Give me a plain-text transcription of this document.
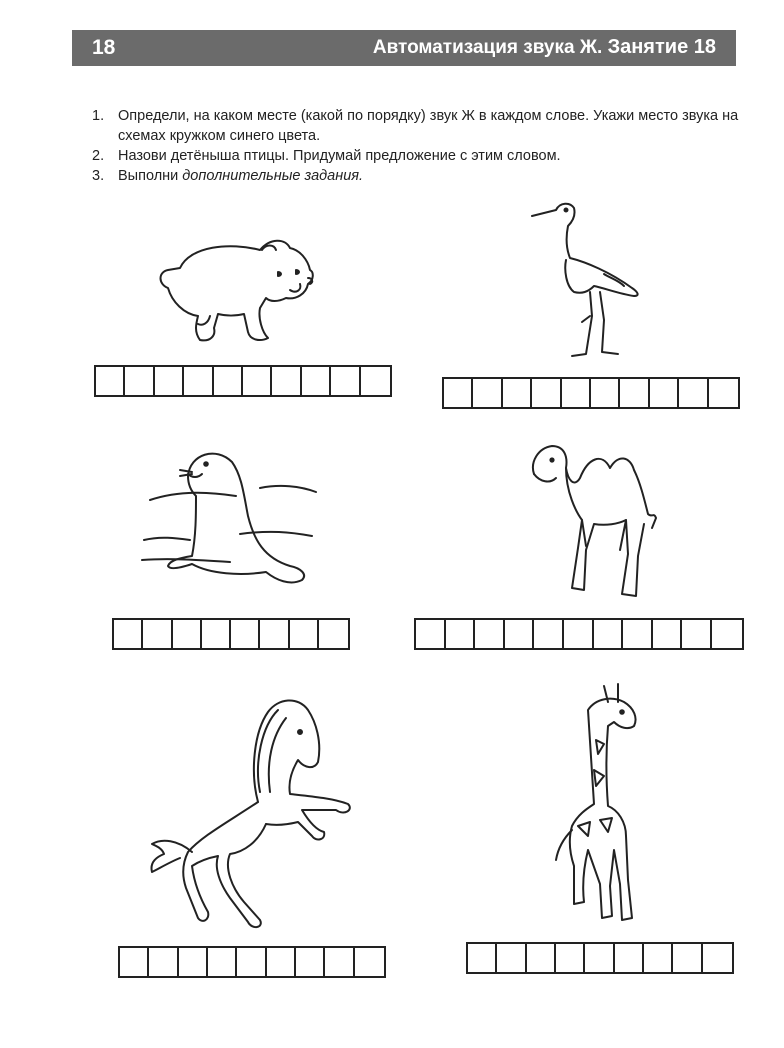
18	Автоматизация звука Ж. Занятие 18
1. Определи, на каком месте (какой по порядку) звук Ж в каждом слове. Укажи место звука на схемах кружком синего цвета.
2. Назови детёныша птицы. Придумай предложение с этим словом.
3. Выполни дополнительные задания.
